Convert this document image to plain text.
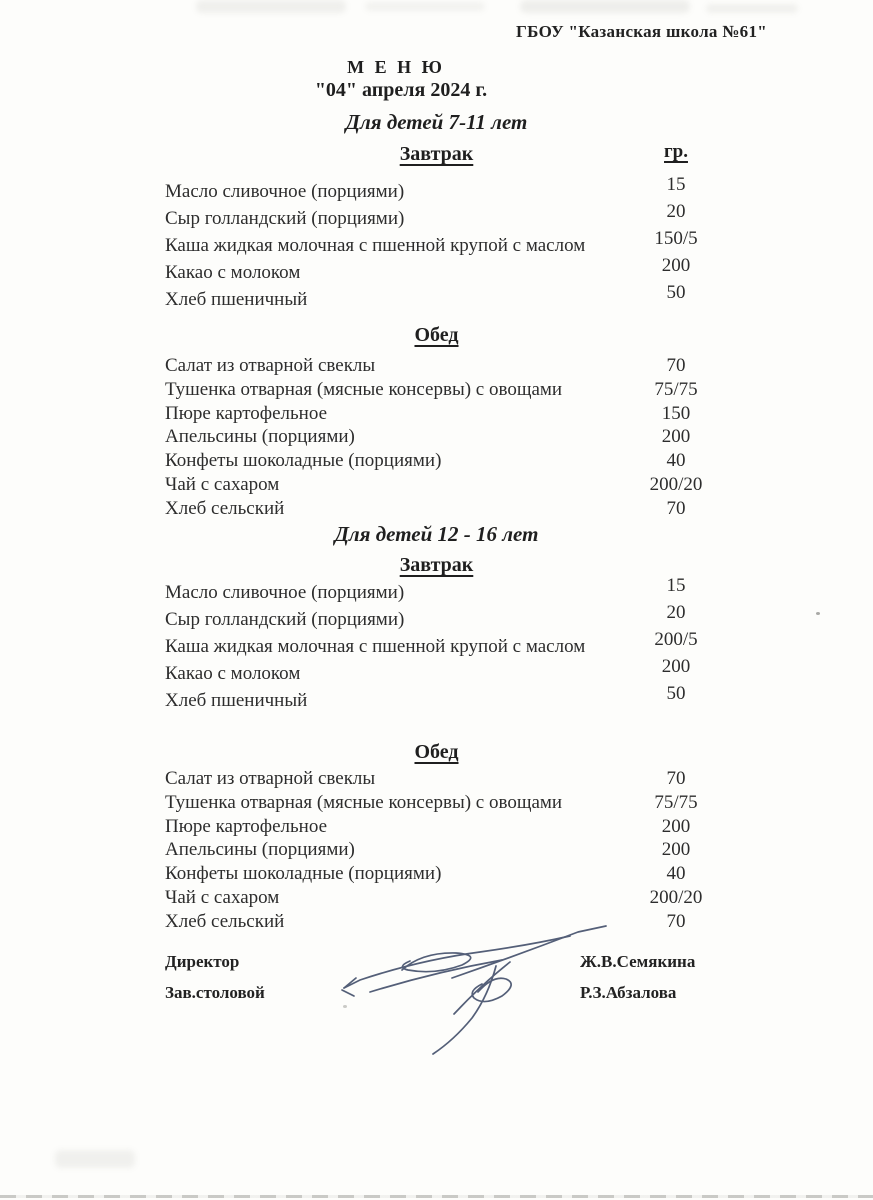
ГБОУ "Казанская школа №61"
М Е Н Ю
"04" апреля 2024 г.
Для детей 7-11 лет
Завтрак	гр.
Масло сливочное (порциями)	15
Сыр голландский (порциями)	20
Каша жидкая молочная с пшенной крупой с маслом	150/5
Какао с молоком	200
Хлеб пшеничный	50
Обед
Салат из отварной свеклы	70
Тушенка отварная (мясные консервы) с овощами	75/75
Пюре картофельное	150
Апельсины (порциями)	200
Конфеты шоколадные (порциями)	40
Чай с сахаром	200/20
Хлеб сельский	70
Для детей 12 - 16 лет
Завтрак
Масло сливочное (порциями)	15
Сыр голландский (порциями)	20
Каша жидкая молочная с пшенной крупой с маслом	200/5
Какао с молоком	200
Хлеб пшеничный	50
Обед
Салат из отварной свеклы	70
Тушенка отварная (мясные консервы) с овощами	75/75
Пюре картофельное	200
Апельсины (порциями)	200
Конфеты шоколадные (порциями)	40
Чай с сахаром	200/20
Хлеб сельский	70
Директор	Ж.В.Семякина
Зав.столовой	Р.З.Абзалова
